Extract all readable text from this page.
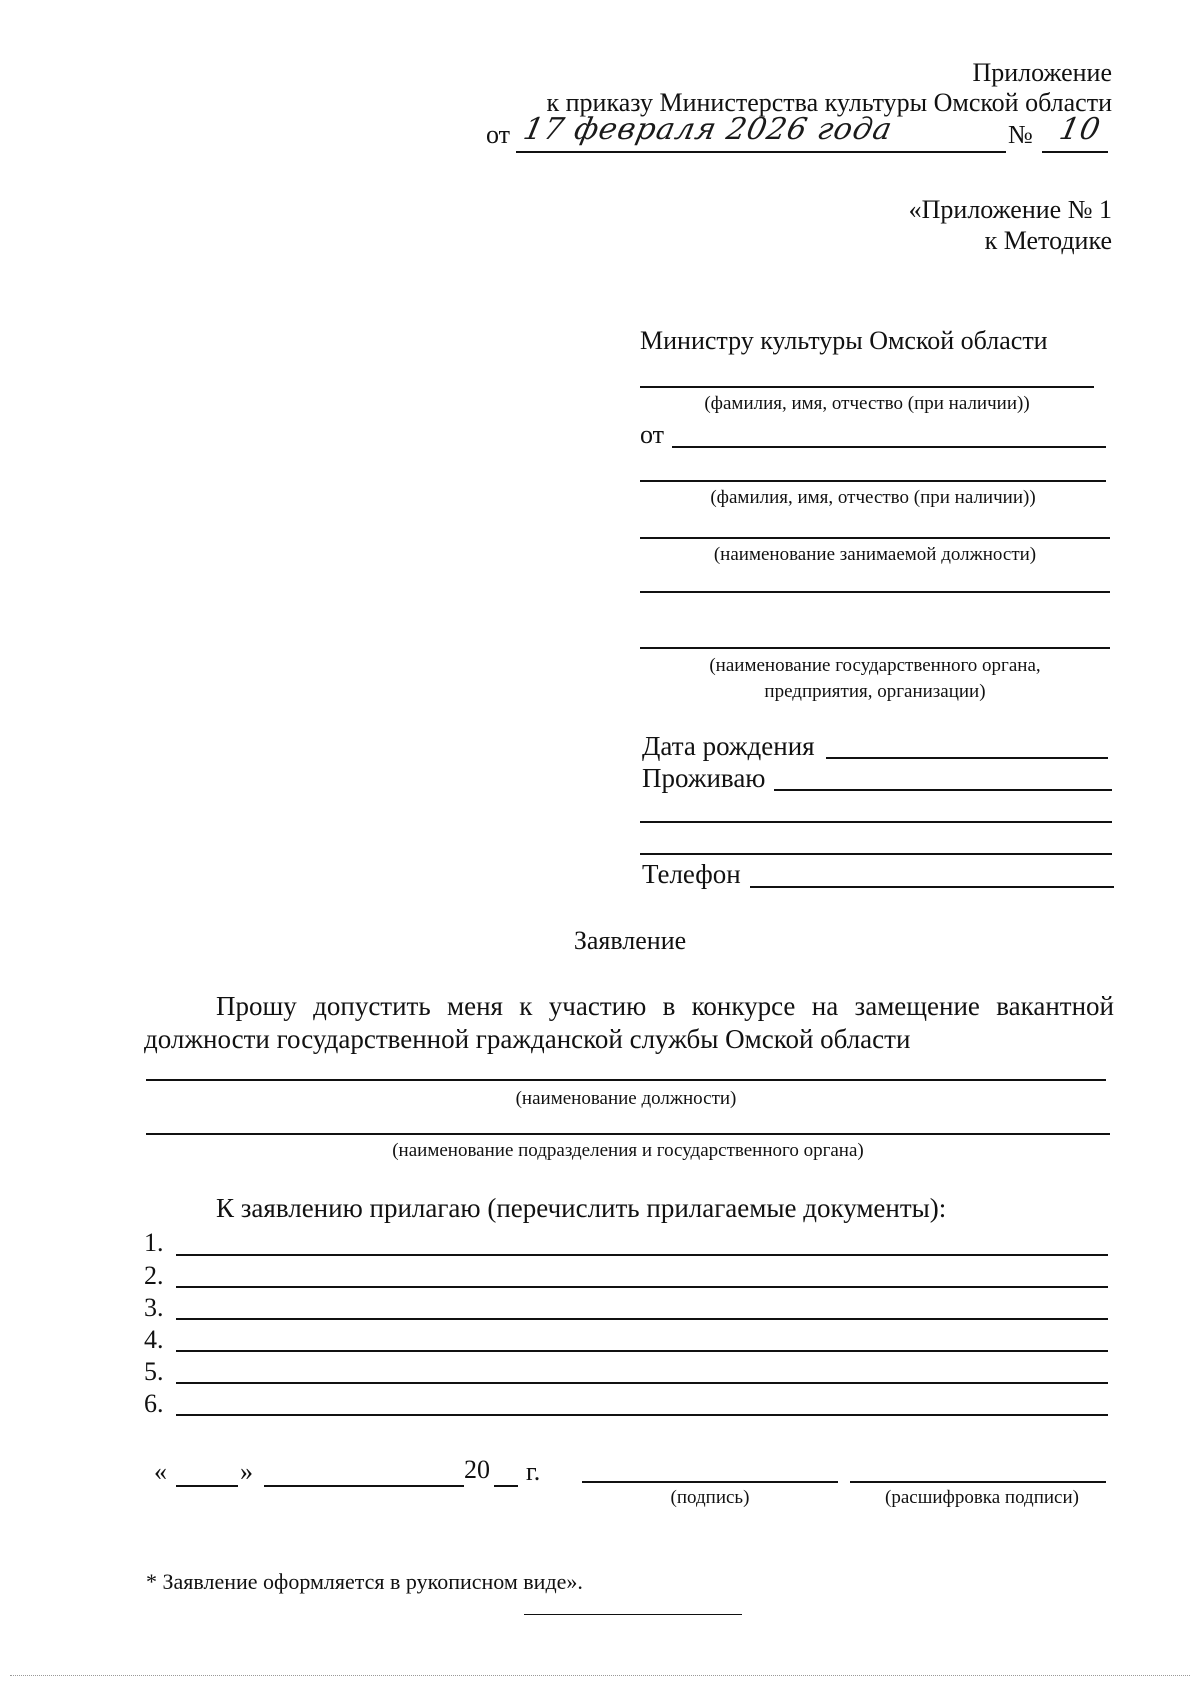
Приложение
к приказу Министерства культуры Омской области
от 17 февраля 2026 года	№ 10
«Приложение № 1
к Методике
Министру культуры Омской области
(фамилия, имя, отчество (при наличии))
от
(фамилия, имя, отчество (при наличии))
(наименование занимаемой должности)
(наименование государственного органа,
предприятия, организации)
Дата рождения
Проживаю
Телефон
Заявление
Прошу допустить меня к участию в конкурсе на замещение вакантной
должности государственной гражданской службы Омской области
(наименование должности)
(наименование подразделения и государственного органа)
К заявлению прилагаю (перечислить прилагаемые документы):
1.
2.
3.
4.
5.
6.
«	»	20 г.
(подпись)	(расшифровка подписи)
* Заявление оформляется в рукописном виде».
